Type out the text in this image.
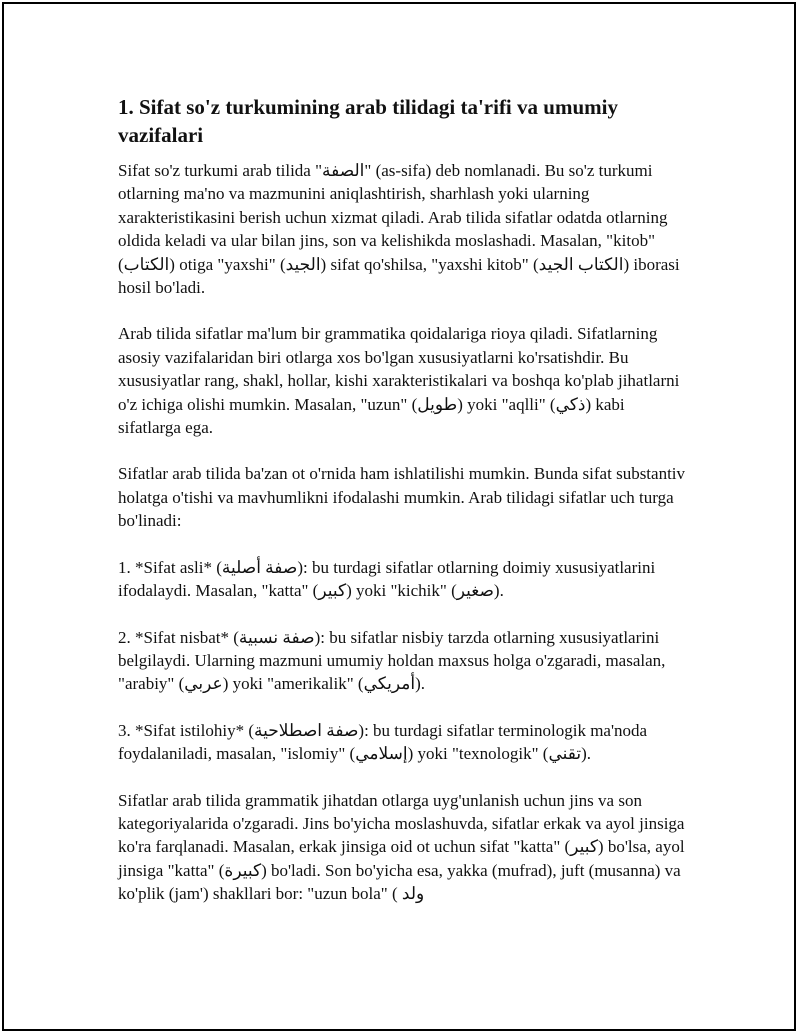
1. Sifat so'z turkumining arab tilidagi ta'rifi va umumiy vazifalari

Sifat so'z turkumi arab tilida "الصفة" (as-sifa) deb nomlanadi. Bu so'z turkumi otlarning ma'no va mazmunini aniqlashtirish, sharhlash yoki ularning xarakteristikasini berish uchun xizmat qiladi. Arab tilida sifatlar odatda otlarning oldida keladi va ular bilan jins, son va kelishikda moslashadi. Masalan, "kitob" (الكتاب) otiga "yaxshi" (الجيد) sifat qo'shilsa, "yaxshi kitob" (الكتاب الجيد) iborasi hosil bo'ladi.

Arab tilida sifatlar ma'lum bir grammatika qoidalariga rioya qiladi. Sifatlarning asosiy vazifalaridan biri otlarga xos bo'lgan xususiyatlarni ko'rsatishdir. Bu xususiyatlar rang, shakl, hollar, kishi xarakteristikalari va boshqa ko'plab jihatlarni o'z ichiga olishi mumkin. Masalan, "uzun" (طويل) yoki "aqlli" (ذكي) kabi sifatlarga ega.

Sifatlar arab tilida ba'zan ot o'rnida ham ishlatilishi mumkin. Bunda sifat substantiv holatga o'tishi va mavhumlikni ifodalashi mumkin. Arab tilidagi sifatlar uch turga bo'linadi:

1. *Sifat asli* (صفة أصلية): bu turdagi sifatlar otlarning doimiy xususiyatlarini ifodalaydi. Masalan, "katta" (كبير) yoki "kichik" (صغير).

2. *Sifat nisbat* (صفة نسبية): bu sifatlar nisbiy tarzda otlarning xususiyatlarini belgilaydi. Ularning mazmuni umumiy holdan maxsus holga o'zgaradi, masalan, "arabiy" (عربي) yoki "amerikalik" (أمريكي).

3. *Sifat istilohiy* (صفة اصطلاحية): bu turdagi sifatlar terminologik ma'noda foydalaniladi, masalan, "islomiy" (إسلامي) yoki "texnologik" (تقني).

Sifatlar arab tilida grammatik jihatdan otlarga uyg'unlanish uchun jins va son kategoriyalarida o'zgaradi. Jins bo'yicha moslashuvda, sifatlar erkak va ayol jinsiga ko'ra farqlanadi. Masalan, erkak jinsiga oid ot uchun sifat "katta" (كبير) bo'lsa, ayol jinsiga "katta" (كبيرة) bo'ladi. Son bo'yicha esa, yakka (mufrad), juft (musanna) va ko'plik (jam') shakllari bor: "uzun bola" ( ولد
